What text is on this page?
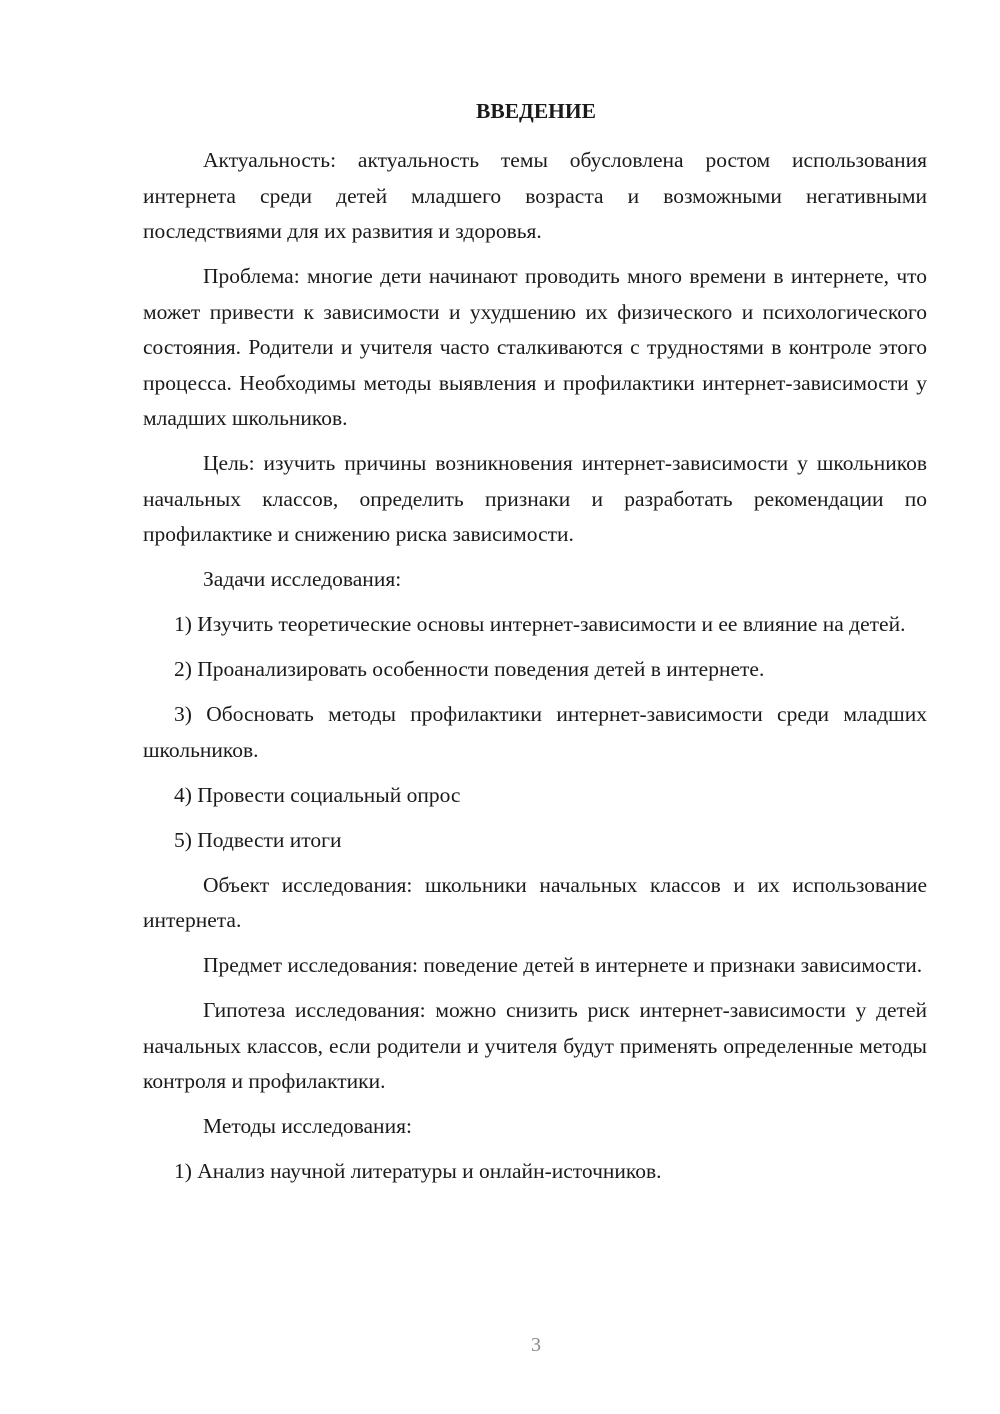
ВВЕДЕНИЕ

Актуальность: актуальность темы обусловлена ростом использования интернета среди детей младшего возраста и возможными негативными последствиями для их развития и здоровья.

Проблема: многие дети начинают проводить много времени в интернете, что может привести к зависимости и ухудшению их физического и психологического состояния. Родители и учителя часто сталкиваются с трудностями в контроле этого процесса. Необходимы методы выявления и профилактики интернет-зависимости у младших школьников.

Цель: изучить причины возникновения интернет-зависимости у школьников начальных классов, определить признаки и разработать рекомендации по профилактике и снижению риска зависимости.

Задачи исследования:

1) Изучить теоретические основы интернет-зависимости и ее влияние на детей.

2) Проанализировать особенности поведения детей в интернете.

3) Обосновать методы профилактики интернет-зависимости среди младших школьников.

4) Провести социальный опрос

5) Подвести итоги

Объект исследования: школьники начальных классов и их использование интернета.

Предмет исследования: поведение детей в интернете и признаки зависимости.

Гипотеза исследования: можно снизить риск интернет-зависимости у детей начальных классов, если родители и учителя будут применять определенные методы контроля и профилактики.

Методы исследования:

1) Анализ научной литературы и онлайн-источников.

3
